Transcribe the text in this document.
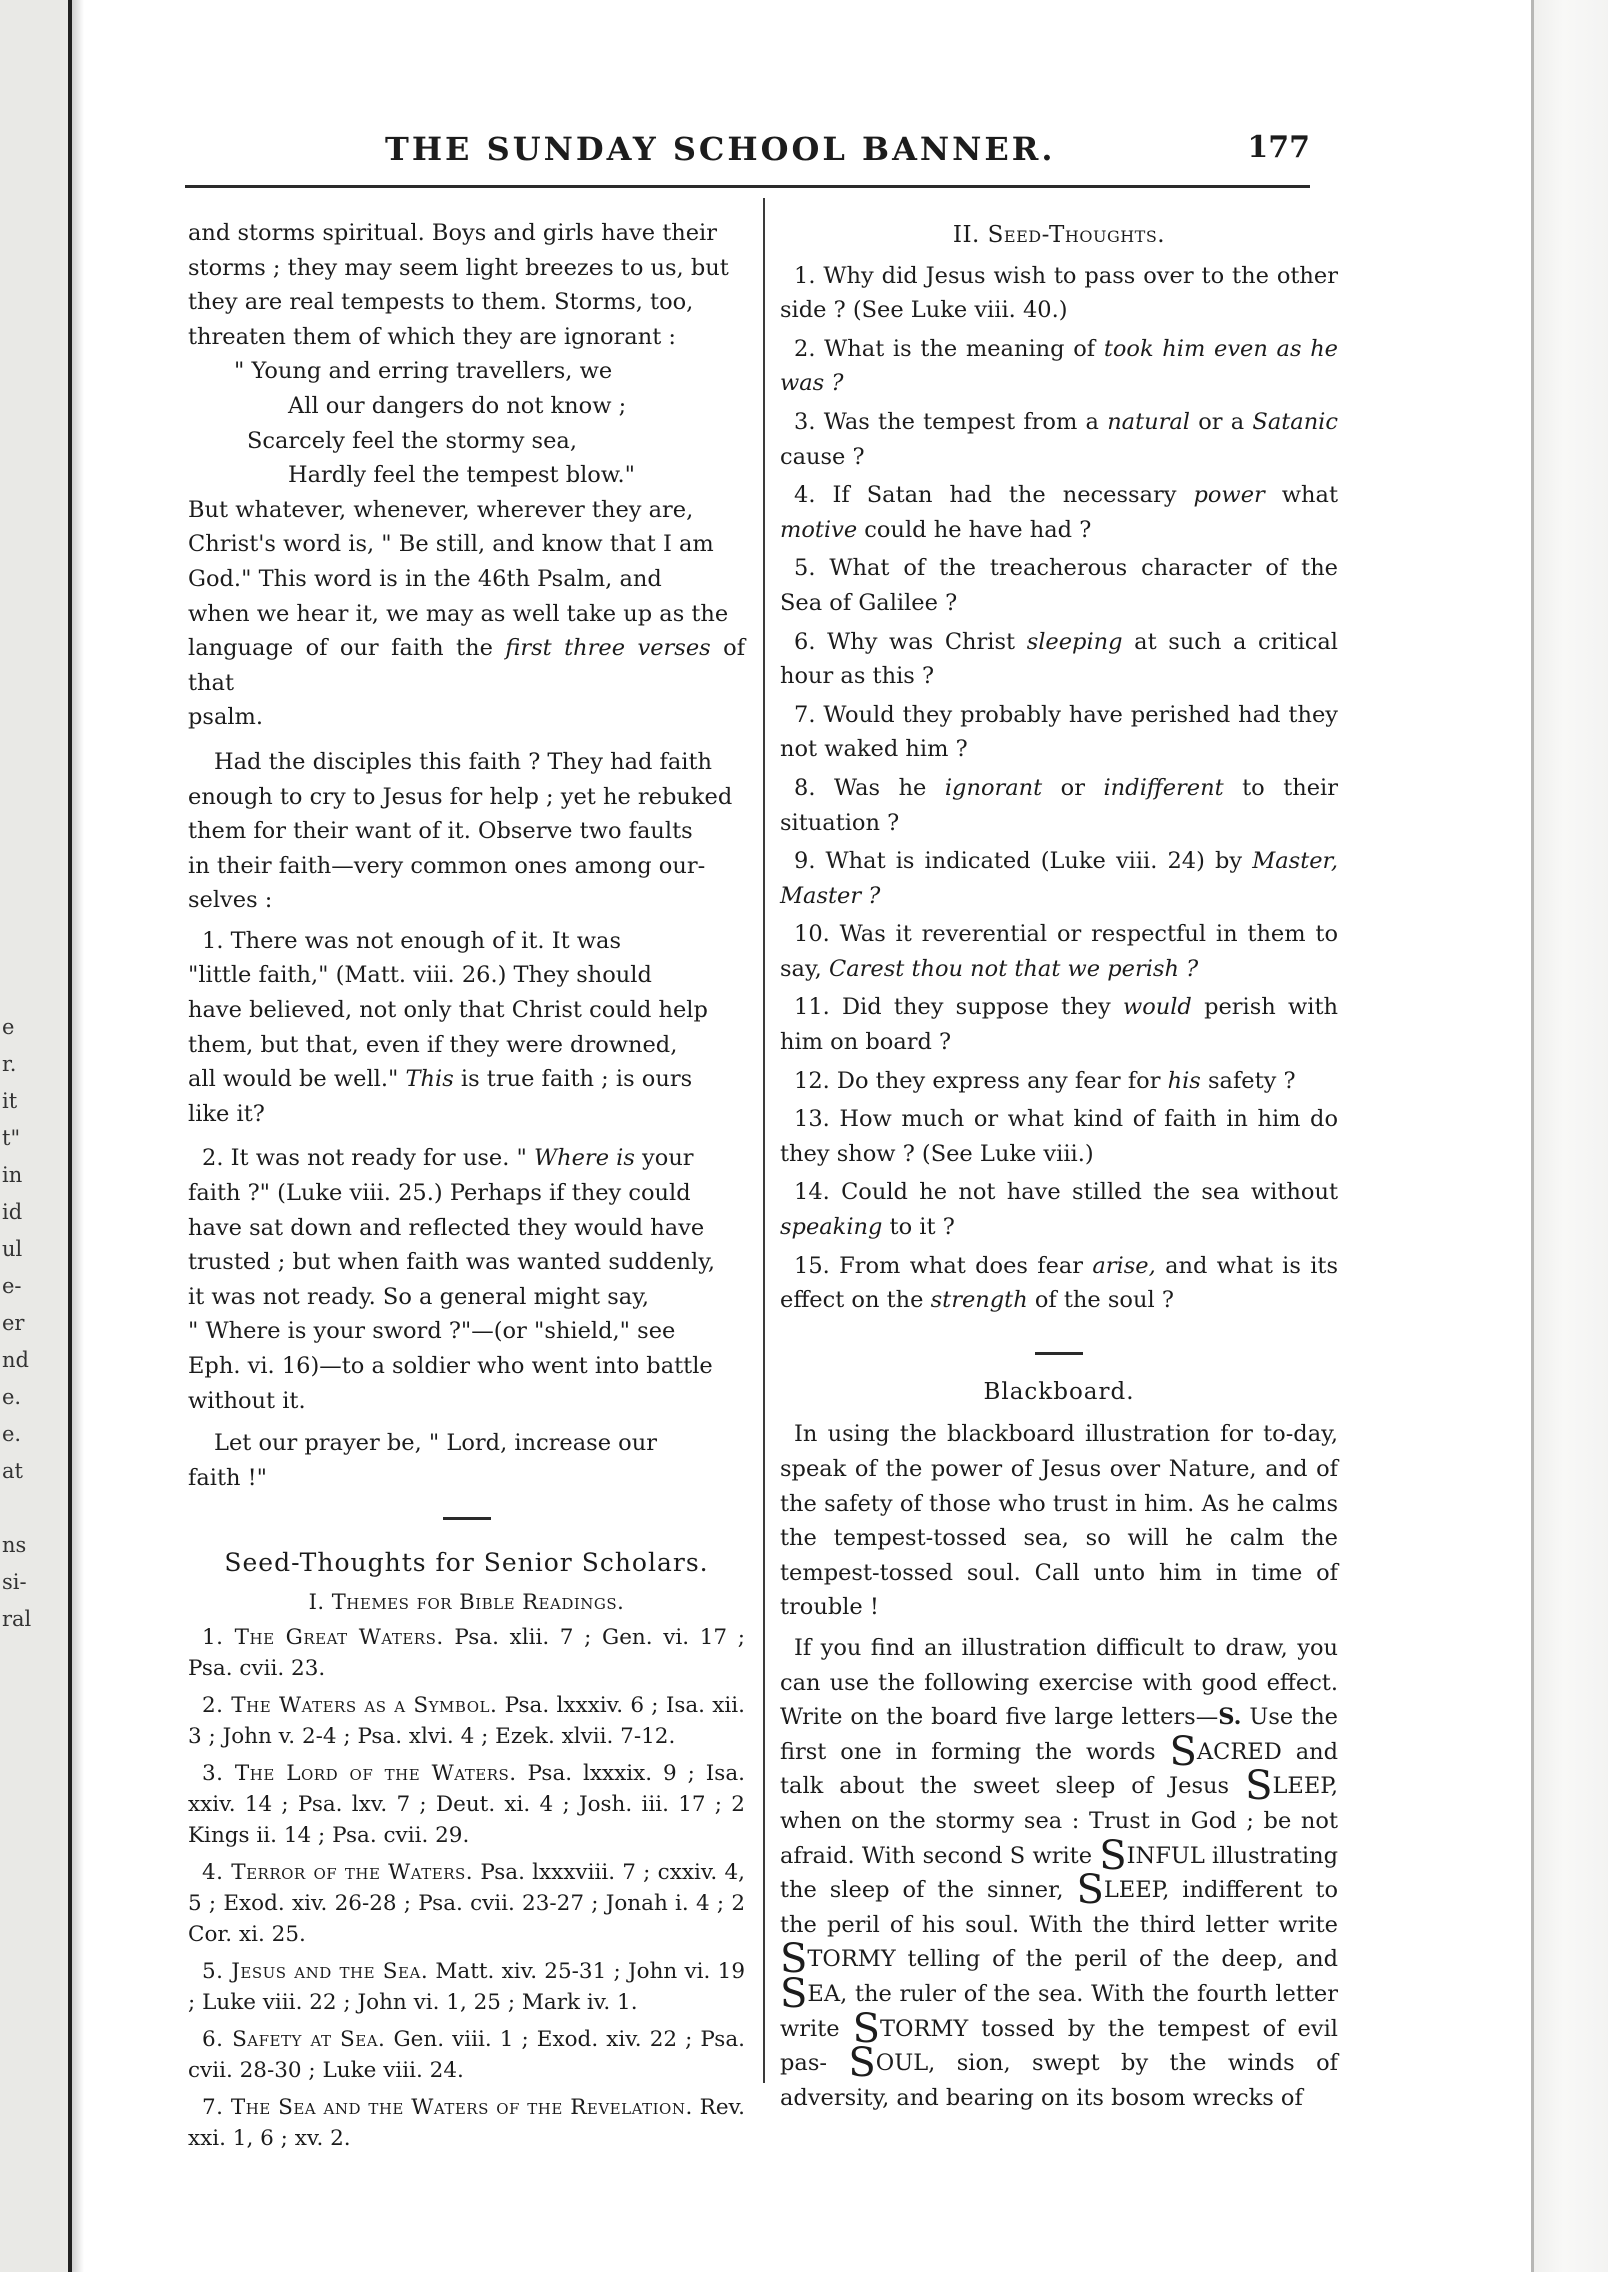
e
r.
it
t"
in
id
ul
e-
er
nd
e.
e.
at
ns
si-
ral
THE SUNDAY SCHOOL BANNER.	177

and storms spiritual. Boys and girls have their
storms ; they may seem light breezes to us, but
they are real tempests to them. Storms, too,
threaten them of which they are ignorant :

" Young and erring travellers, we
All our dangers do not know ;
Scarcely feel the stormy sea,
Hardly feel the tempest blow."

But whatever, whenever, wherever they are,
Christ's word is, " Be still, and know that I am
God." This word is in the 46th Psalm, and
when we hear it, we may as well take up as the
language of our faith the first three verses of that
psalm.

Had the disciples this faith ? They had faith
enough to cry to Jesus for help ; yet he rebuked
them for their want of it. Observe two faults
in their faith—very common ones among our-
selves :

1. There was not enough of it. It was
"little faith," (Matt. viii. 26.) They should
have believed, not only that Christ could help
them, but that, even if they were drowned,
all would be well." This is true faith ; is ours
like it?

2. It was not ready for use. " Where is your
faith ?" (Luke viii. 25.) Perhaps if they could
have sat down and reflected they would have
trusted ; but when faith was wanted suddenly,
it was not ready. So a general might say,
" Where is your sword ?"—(or "shield," see
Eph. vi. 16)—to a soldier who went into battle
without it.

Let our prayer be, " Lord, increase our
faith !"

Seed-Thoughts for Senior Scholars.
I. Themes for Bible Readings.

1. The Great Waters. Psa. xlii. 7 ; Gen. vi. 17 ; Psa. cvii. 23.

2. The Waters as a Symbol. Psa. lxxxiv. 6 ; Isa. xii. 3 ; John v. 2-4 ; Psa. xlvi. 4 ; Ezek. xlvii. 7-12.

3. The Lord of the Waters. Psa. lxxxix. 9 ; Isa. xxiv. 14 ; Psa. lxv. 7 ; Deut. xi. 4 ; Josh. iii. 17 ; 2 Kings ii. 14 ; Psa. cvii. 29.

4. Terror of the Waters. Psa. lxxxviii. 7 ; cxxiv. 4, 5 ; Exod. xiv. 26-28 ; Psa. cvii. 23-27 ; Jonah i. 4 ; 2 Cor. xi. 25.

5. Jesus and the Sea. Matt. xiv. 25-31 ; John vi. 19 ; Luke viii. 22 ; John vi. 1, 25 ; Mark iv. 1.

6. Safety at Sea. Gen. viii. 1 ; Exod. xiv. 22 ; Psa. cvii. 28-30 ; Luke viii. 24.

7. The Sea and the Waters of the Revelation. Rev. xxi. 1, 6 ; xv. 2.

II. Seed-Thoughts.

1. Why did Jesus wish to pass over to the other side ? (See Luke viii. 40.)

2. What is the meaning of took him even as he was ?

3. Was the tempest from a natural or a Satanic cause ?

4. If Satan had the necessary power what motive could he have had ?

5. What of the treacherous character of the Sea of Galilee ?

6. Why was Christ sleeping at such a critical hour as this ?

7. Would they probably have perished had they not waked him ?

8. Was he ignorant or indifferent to their situation ?

9. What is indicated (Luke viii. 24) by Master, Master ?

10. Was it reverential or respectful in them to say, Carest thou not that we perish ?

11. Did they suppose they would perish with him on board ?

12. Do they express any fear for his safety ?

13. How much or what kind of faith in him do they show ? (See Luke viii.)

14. Could he not have stilled the sea without speaking to it ?

15. From what does fear arise, and what is its effect on the strength of the soul ?

Blackboard.

In using the blackboard illustration for to-day, speak of the power of Jesus over Nature, and of the safety of those who trust in him. As he calms the tempest-tossed sea, so will he calm the tempest-tossed soul. Call unto him in time of trouble !

If you find an illustration difficult to draw, you can use the following exercise with good effect. Write on the board five large letters—S. Use the first one in forming the words SACRED and talk about the sweet sleep of Jesus SLEEP, when on the stormy sea : Trust in God ; be not afraid. With second S write SINFUL illustrating the sleep of the sinner, SLEEP, indifferent to the peril of his soul. With the third letter write STORMY telling of the peril of the deep, and SEA, the ruler of the sea. With the fourth letter write STORMY tossed by the tempest of evil pas- SOUL, sion, swept by the winds of adversity, and bearing on its bosom wrecks of
